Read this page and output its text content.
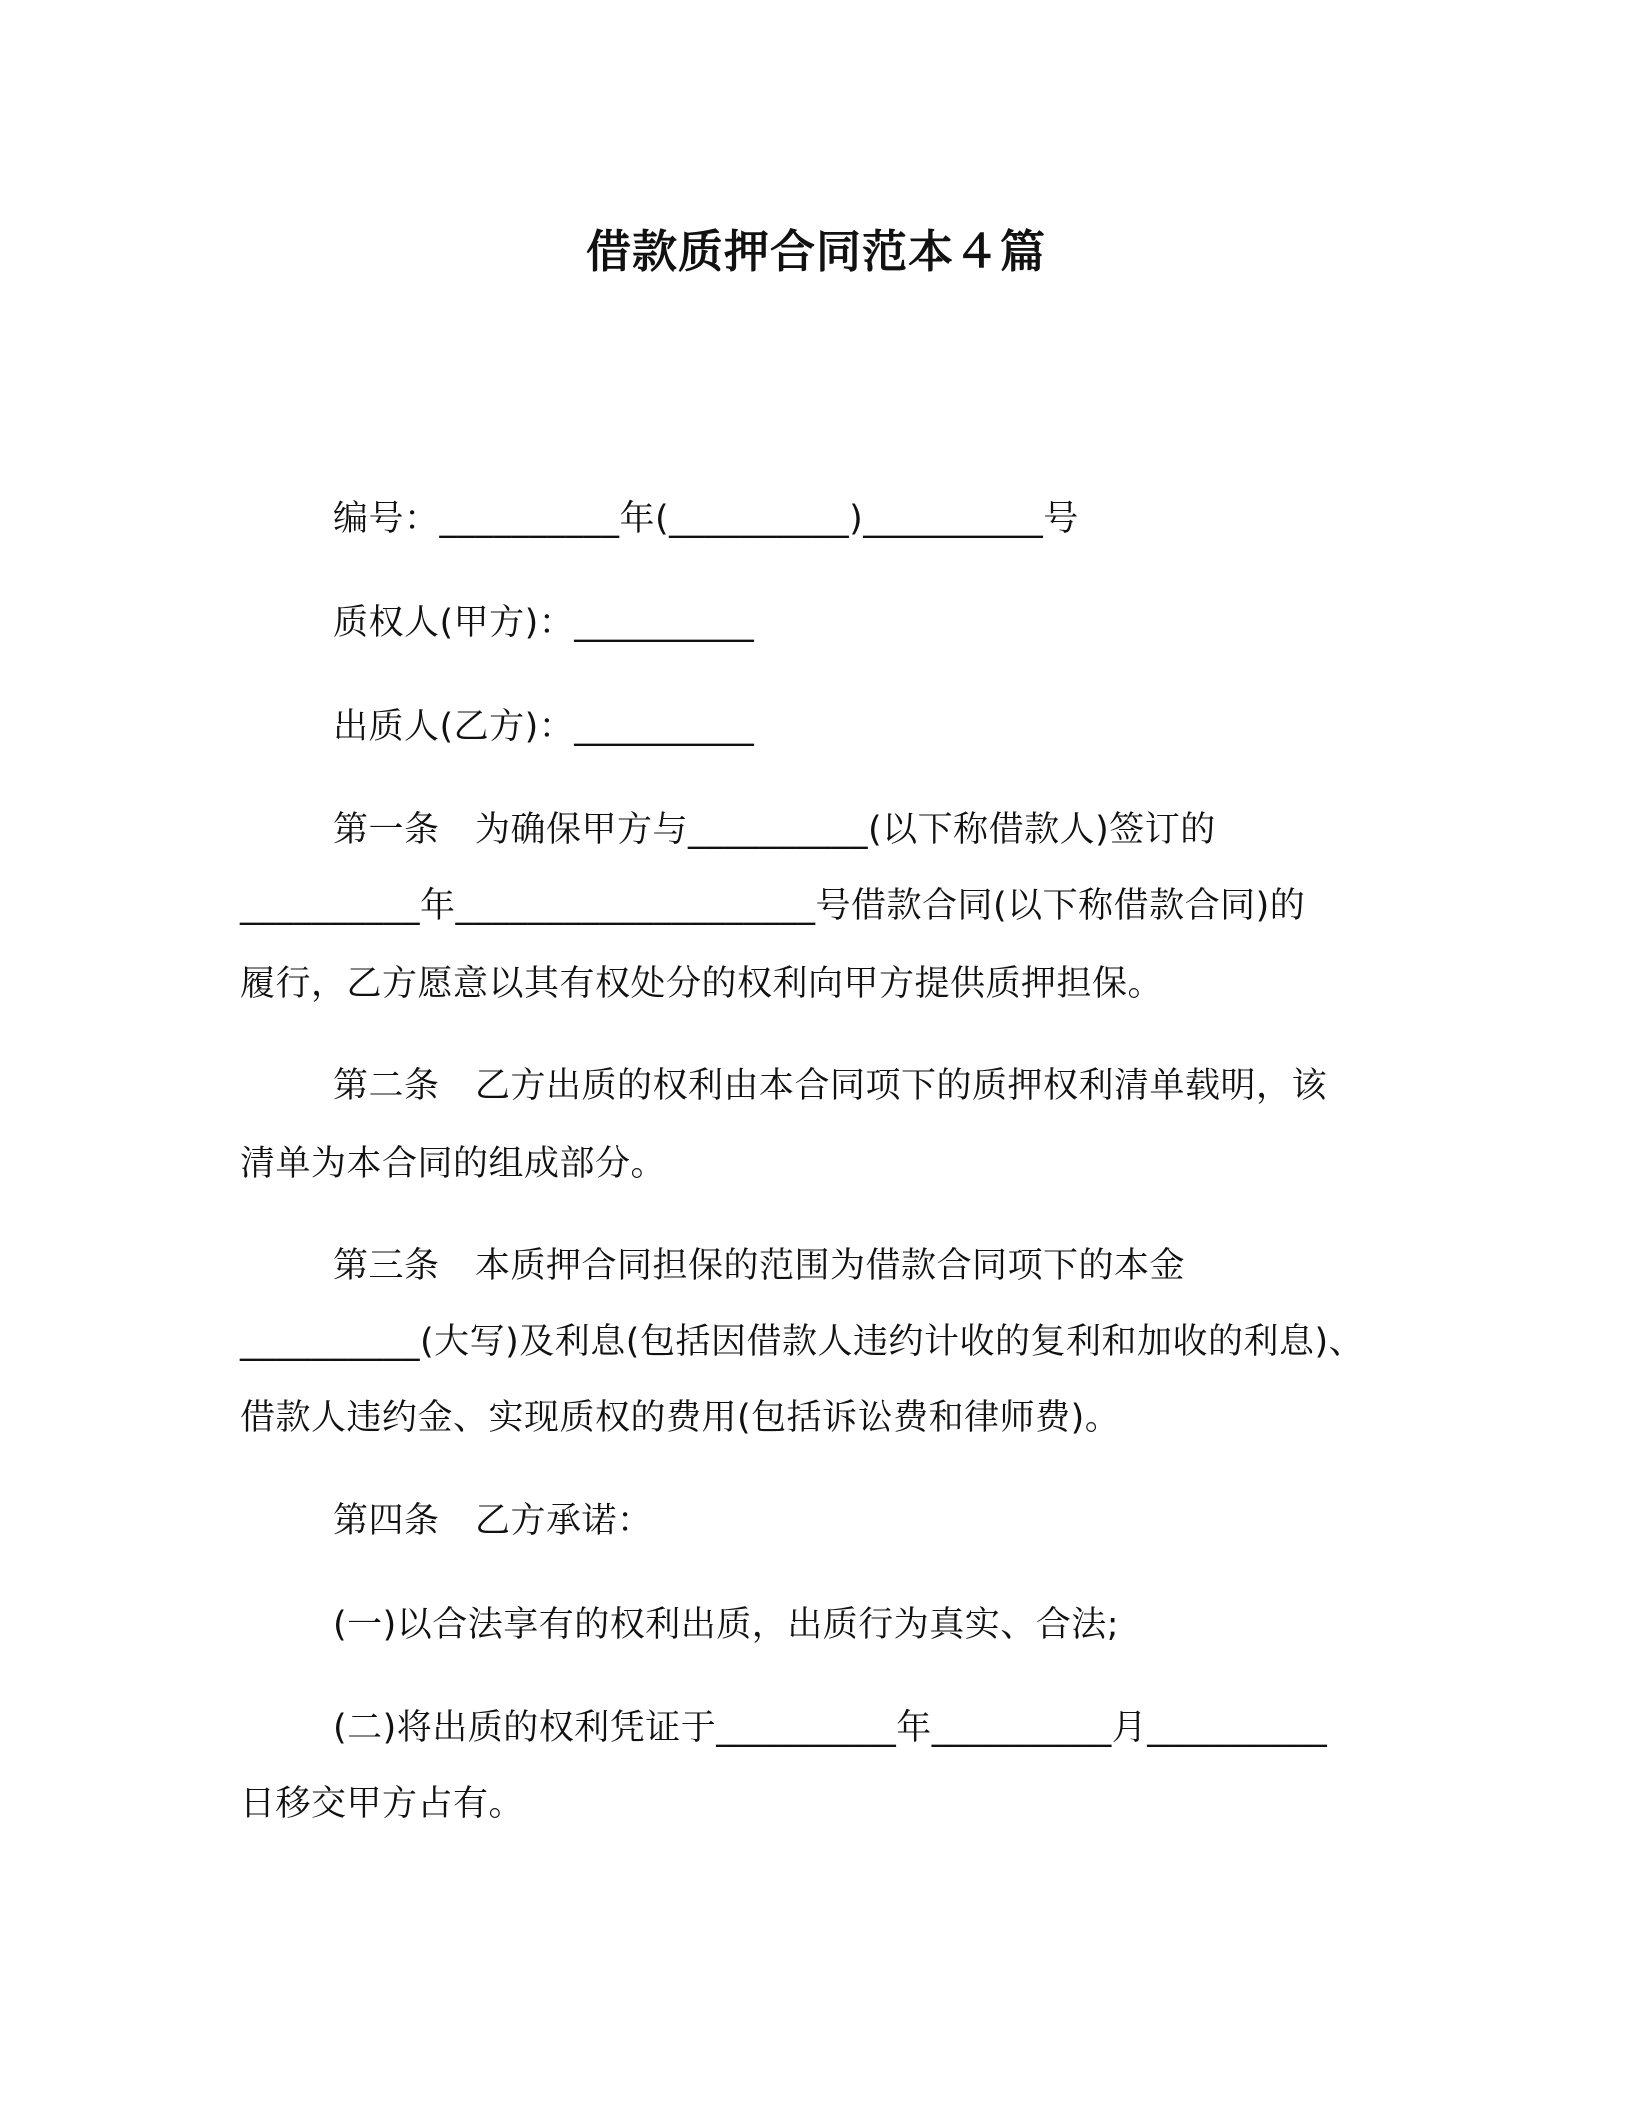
借款质押合同范本４篇
编号：__________年(__________)__________号
质权人(甲方)：__________
出质人(乙方)：__________
第一条　为确保甲方与__________(以下称借款人)签订的
__________年____________________号借款合同(以下称借款合同)的
履行，乙方愿意以其有权处分的权利向甲方提供质押担保。
第二条　乙方出质的权利由本合同项下的质押权利清单载明，该
清单为本合同的组成部分。
第三条　本质押合同担保的范围为借款合同项下的本金
__________(大写)及利息(包括因借款人违约计收的复利和加收的利息)、
借款人违约金、实现质权的费用(包括诉讼费和律师费)。
第四条　乙方承诺：
(一)以合法享有的权利出质，出质行为真实、合法;
(二)将出质的权利凭证于__________年__________月__________
日移交甲方占有。
